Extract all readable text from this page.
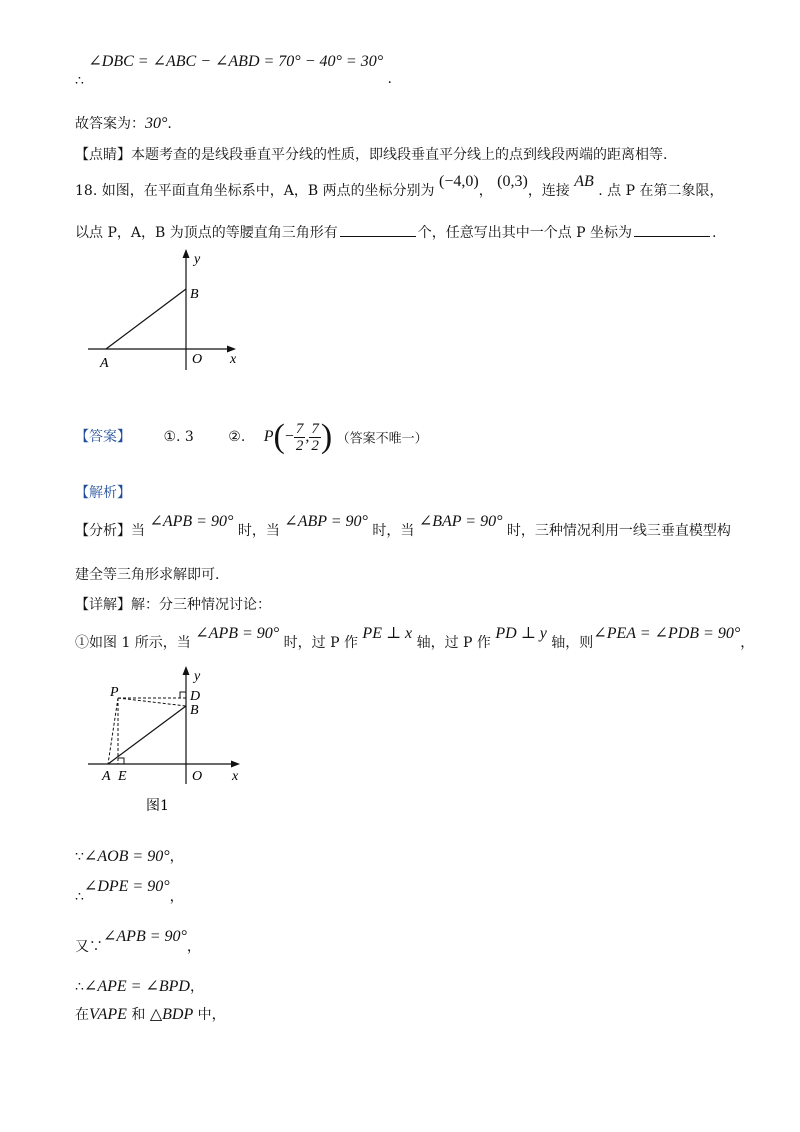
∴ ∠DBC = ∠ABC − ∠ABD = 70° − 40° = 30° .
故答案为：30°.
【点睛】本题考查的是线段垂直平分线的性质，即线段垂直平分线上的点到线段两端的距离相等.
18. 如图，在平面直角坐标系中，A，B 两点的坐标分别为 (−4,0)， (0,3)，连接 AB . 点 P 在第二象限，
以点 P，A，B 为顶点的等腰直角三角形有	个，任意写出其中一个点 P 坐标为	.
y
B
A	O x
【答案】 ①. 3 ②. $P(- \frac{7}{2}$ , $\frac{7}{2}$ ) （答案不唯一）
【解析】
【分析】当 ∠APB = 90° 时，当 ∠ABP = 90° 时，当 ∠BAP = 90° 时，三种情况利用一线三垂直模型构
建全等三角形求解即可.
【详解】解：分三种情况讨论：
①如图 1 所示，当 ∠APB = 90° 时，过 P 作 PE ⊥ x 轴，过 P 作 PD ⊥ y 轴，则∠PEA = ∠PDB = 90°，
y
P	D
B
A E	O x
图1
∵∠AOB = 90°，
∴∠DPE = 90°，
又∵∠APB = 90°，
∴∠APE = ∠BPD，
在VAPE 和 △BDP 中，
